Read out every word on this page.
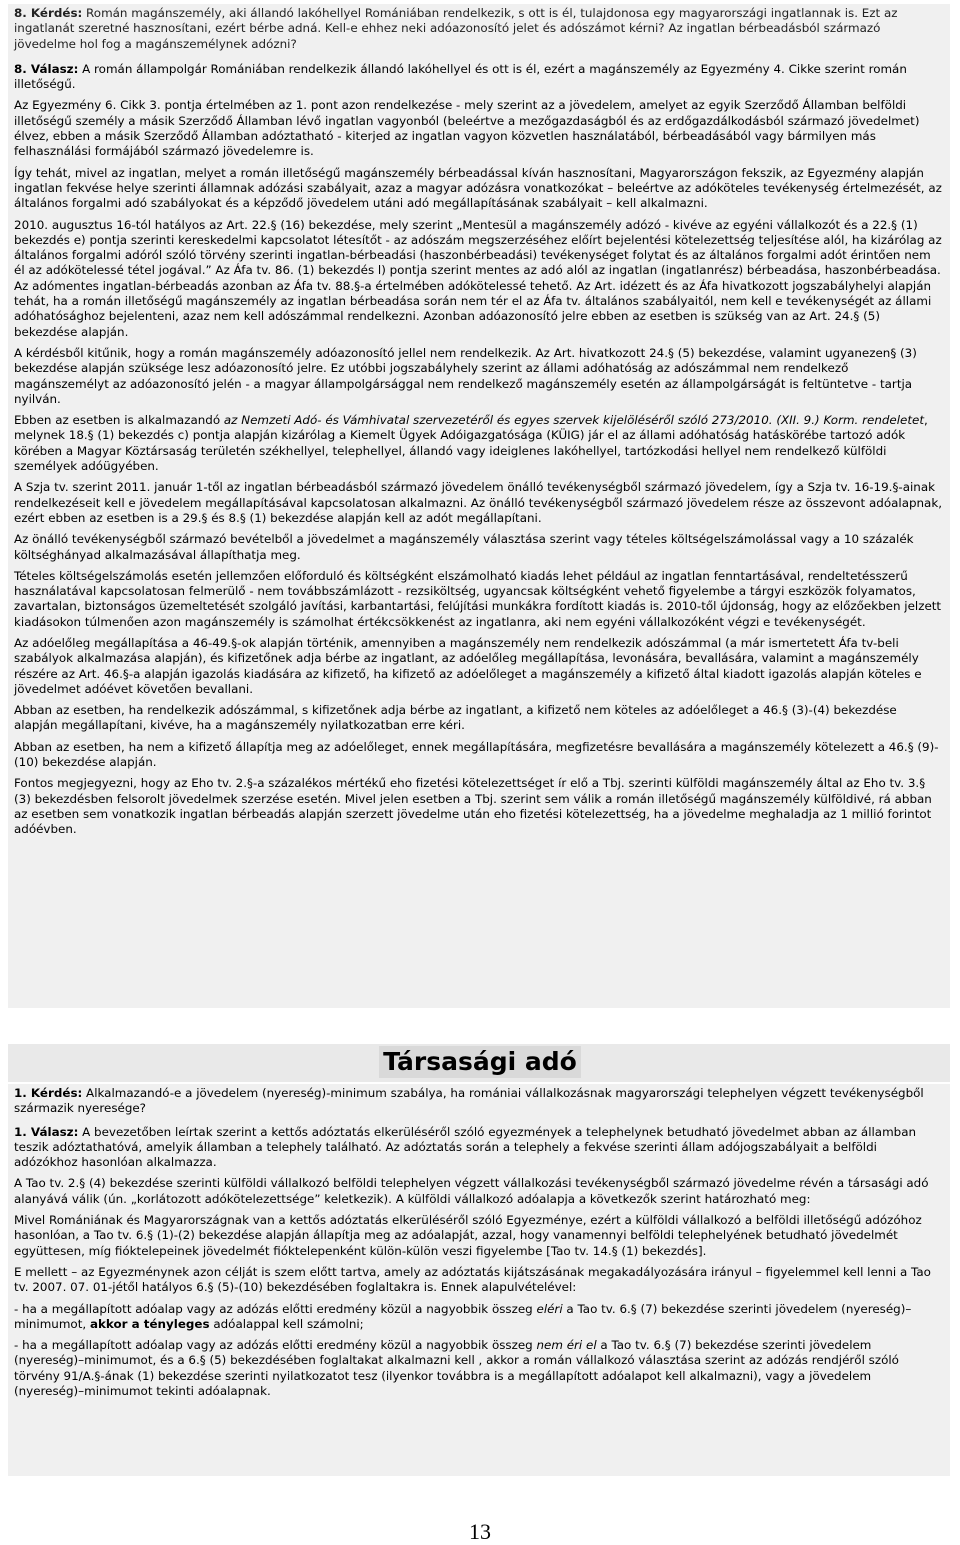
8. Kérdés: Román magánszemély, aki állandó lakóhellyel Romániában rendelkezik, s ott is él, tulajdonosa egy magyarországi ingatlannak is. Ezt az ingatlanát szeretné hasznosítani, ezért bérbe adná. Kell-e ehhez neki adóazonosító jelet és adószámot kérni? Az ingatlan bérbeadásból származó jövedelme hol fog a magánszemélynek adózni?

8. Válasz: A román állampolgár Romániában rendelkezik állandó lakóhellyel és ott is él, ezért a magánszemély az Egyezmény 4. Cikke szerint román illetőségű.

Az Egyezmény 6. Cikk 3. pontja értelmében az 1. pont azon rendelkezése - mely szerint az a jövedelem, amelyet az egyik Szerződő Államban belföldi illetőségű személy a másik Szerződő Államban lévő ingatlan vagyonból (beleértve a mezőgazdaságból és az erdőgazdálkodásból származó jövedelmet) élvez, ebben a másik Szerződő Államban adóztatható - kiterjed az ingatlan vagyon közvetlen használatából, bérbeadásából vagy bármilyen más felhasználási formájából származó jövedelemre is.

Így tehát, mivel az ingatlan, melyet a román illetőségű magánszemély bérbeadással kíván hasznosítani, Magyarországon fekszik, az Egyezmény alapján ingatlan fekvése helye szerinti államnak adózási szabályait, azaz a magyar adózásra vonatkozókat – beleértve az adóköteles tevékenység értelmezését, az általános forgalmi adó szabályokat és a képződő jövedelem utáni adó megállapításának szabályait – kell alkalmazni.

2010. augusztus 16-tól hatályos az Art. 22.§ (16) bekezdése, mely szerint „Mentesül a magánszemély adózó - kivéve az egyéni vállalkozót és a 22.§ (1) bekezdés e) pontja szerinti kereskedelmi kapcsolatot létesítőt - az adószám megszerzéséhez előírt bejelentési kötelezettség teljesítése alól, ha kizárólag az általános forgalmi adóról szóló törvény szerinti ingatlan-bérbeadási (haszonbérbeadási) tevékenységet folytat és az általános forgalmi adót érintően nem él az adókötelessé tétel jogával.” Az Áfa tv. 86. (1) bekezdés l) pontja szerint mentes az adó alól az ingatlan (ingatlanrész) bérbeadása, haszonbérbeadása. Az adómentes ingatlan-bérbeadás azonban az Áfa tv. 88.§-a értelmében adókötelessé tehető. Az Art. idézett és az Áfa hivatkozott jogszabályhelyi alapján tehát, ha a román illetőségű magánszemély az ingatlan bérbeadása során nem tér el az Áfa tv. általános szabályaitól, nem kell e tevékenységét az állami adóhatósághoz bejelenteni, azaz nem kell adószámmal rendelkezni. Azonban adóazonosító jelre ebben az esetben is szükség van az Art. 24.§ (5) bekezdése alapján.

A kérdésből kitűnik, hogy a román magánszemély adóazonosító jellel nem rendelkezik. Az Art. hivatkozott 24.§ (5) bekezdése, valamint ugyanezen§ (3) bekezdése alapján szüksége lesz adóazonosító jelre. Ez utóbbi jogszabályhely szerint az állami adóhatóság az adószámmal nem rendelkező magánszemélyt az adóazonosító jelén - a magyar állampolgársággal nem rendelkező magánszemély esetén az állampolgárságát is feltüntetve - tartja nyilván.

Ebben az esetben is alkalmazandó az Nemzeti Adó- és Vámhivatal szervezetéről és egyes szervek kijelöléséről szóló 273/2010. (XII. 9.) Korm. rendeletet, melynek 18.§ (1) bekezdés c) pontja alapján kizárólag a Kiemelt Ügyek Adóigazgatósága (KÜIG) jár el az állami adóhatóság hatáskörébe tartozó adók körében a Magyar Köztársaság területén székhellyel, telephellyel, állandó vagy ideiglenes lakóhellyel, tartózkodási hellyel nem rendelkező külföldi személyek adóügyében.

A Szja tv. szerint 2011. január 1-től az ingatlan bérbeadásból származó jövedelem önálló tevékenységből származó jövedelem, így a Szja tv. 16-19.§-ainak rendelkezéseit kell e jövedelem megállapításával kapcsolatosan alkalmazni. Az önálló tevékenységből származó jövedelem része az összevont adóalapnak, ezért ebben az esetben is a 29.§ és 8.§ (1) bekezdése alapján kell az adót megállapítani.

Az önálló tevékenységből származó bevételből a jövedelmet a magánszemély választása szerint vagy tételes költségelszámolással vagy a 10 százalék költséghányad alkalmazásával állapíthatja meg.

Tételes költségelszámolás esetén jellemzően előforduló és költségként elszámolható kiadás lehet például az ingatlan fenntartásával, rendeltetésszerű használatával kapcsolatosan felmerülő - nem továbbszámlázott - rezsiköltség, ugyancsak költségként vehető figyelembe a tárgyi eszközök folyamatos, zavartalan, biztonságos üzemeltetését szolgáló javítási, karbantartási, felújítási munkákra fordított kiadás is. 2010-től újdonság, hogy az előzőekben jelzett kiadásokon túlmenően azon magánszemély is számolhat értékcsökkenést az ingatlanra, aki nem egyéni vállalkozóként végzi e tevékenységét.

Az adóelőleg megállapítása a 46-49.§-ok alapján történik, amennyiben a magánszemély nem rendelkezik adószámmal (a már ismertetett Áfa tv-beli szabályok alkalmazása alapján), és kifizetőnek adja bérbe az ingatlant, az adóelőleg megállapítása, levonására, bevallására, valamint a magánszemély részére az Art. 46.§-a alapján igazolás kiadására az kifizető, ha kifizető az adóelőleget a magánszemély a kifizető által kiadott igazolás alapján köteles e jövedelmet adóévet követően bevallani.

Abban az esetben, ha rendelkezik adószámmal, s kifizetőnek adja bérbe az ingatlant, a kifizető nem köteles az adóelőleget a 46.§ (3)-(4) bekezdése alapján megállapítani, kivéve, ha a magánszemély nyilatkozatban erre kéri.

Abban az esetben, ha nem a kifizető állapítja meg az adóelőleget, ennek megállapítására, megfizetésre bevallására a magánszemély kötelezett a 46.§ (9)-(10) bekezdése alapján.

Fontos megjegyezni, hogy az Eho tv. 2.§-a százalékos mértékű eho fizetési kötelezettséget ír elő a Tbj. szerinti külföldi magánszemély által az Eho tv. 3.§ (3) bekezdésben felsorolt jövedelmek szerzése esetén. Mivel jelen esetben a Tbj. szerint sem válik a román illetőségű magánszemély külföldivé, rá abban az esetben sem vonatkozik ingatlan bérbeadás alapján szerzett jövedelme után eho fizetési kötelezettség, ha a jövedelme meghaladja az 1 millió forintot adóévben.

Társasági adó

1. Kérdés: Alkalmazandó-e a jövedelem (nyereség)-minimum szabálya, ha romániai vállalkozásnak magyarországi telephelyen végzett tevékenységből származik nyeresége?

1. Válasz: A bevezetőben leírtak szerint a kettős adóztatás elkerüléséről szóló egyezmények a telephelynek betudható jövedelmet abban az államban teszik adóztathatóvá, amelyik államban a telephely található. Az adóztatás során a telephely a fekvése szerinti állam adójogszabályait a belföldi adózókhoz hasonlóan alkalmazza.

A Tao tv. 2.§ (4) bekezdése szerinti külföldi vállalkozó belföldi telephelyen végzett vállalkozási tevékenységből származó jövedelme révén a társasági adó alanyává válik (ún. „korlátozott adókötelezettsége” keletkezik). A külföldi vállalkozó adóalapja a következők szerint határozható meg:

Mivel Romániának és Magyarországnak van a kettős adóztatás elkerüléséről szóló Egyezménye, ezért a külföldi vállalkozó a belföldi illetőségű adózóhoz hasonlóan, a Tao tv. 6.§ (1)-(2) bekezdése alapján állapítja meg az adóalapját, azzal, hogy vanamennyi belföldi telephelyének betudható jövedelmét együttesen, míg fióktelepeinek jövedelmét fióktelepenként külön-külön veszi figyelembe [Tao tv. 14.§ (1) bekezdés].

E mellett – az Egyezménynek azon célját is szem előtt tartva, amely az adóztatás kijátszásának megakadályozására irányul – figyelemmel kell lenni a Tao tv. 2007. 07. 01-jétől hatályos 6.§ (5)-(10) bekezdésében foglaltakra is. Ennek alapulvételével:

- ha a megállapított adóalap vagy az adózás előtti eredmény közül a nagyobbik összeg eléri a Tao tv. 6.§ (7) bekezdése szerinti jövedelem (nyereség)–minimumot, akkor a tényleges adóalappal kell számolni;

- ha a megállapított adóalap vagy az adózás előtti eredmény közül a nagyobbik összeg nem éri el a Tao tv. 6.§ (7) bekezdése szerinti jövedelem (nyereség)–minimumot, és a 6.§ (5) bekezdésében foglaltakat alkalmazni kell , akkor a román vállalkozó választása szerint az adózás rendjéről szóló törvény 91/A.§-ának (1) bekezdése szerinti nyilatkozatot tesz (ilyenkor továbbra is a megállapított adóalapot kell alkalmazni), vagy a jövedelem (nyereség)–minimumot tekinti adóalapnak.

13
